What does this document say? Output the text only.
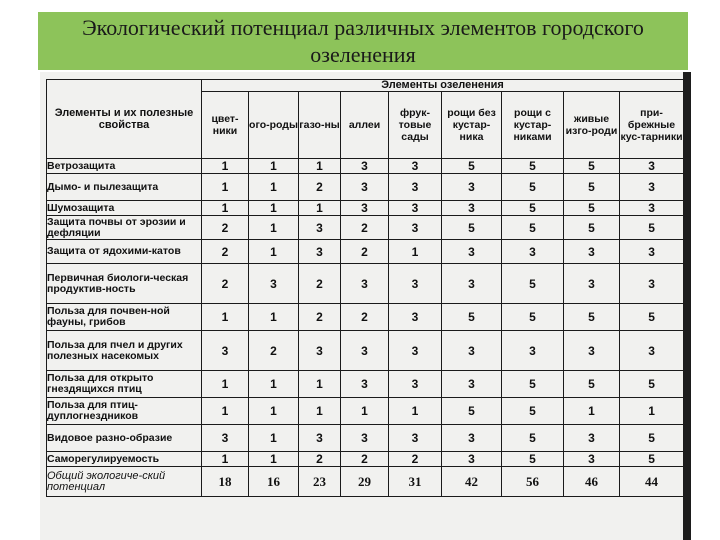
Экологический потенциал различных элементов городского озеленения
Элементы и их полезные свойства	Элементы озеленения								
	цвет-ники	ого-роды	газо-ны	аллеи	фрук-товые сады	рощи без кустар-ника	рощи с кустар-никами	живые изго-роди	при-брежные кус-тарники
Ветрозащита	1	1	1	3	3	5	5	5	3
Дымо- и пылезащита	1	1	2	3	3	3	5	5	3
Шумозащита	1	1	1	3	3	3	5	5	3
Защита почвы от эрозии и дефляции	2	1	3	2	3	5	5	5	5
Защита от ядохими-катов	2	1	3	2	1	3	3	3	3
Первичная биологи-ческая продуктив-ность	2	3	2	3	3	3	5	3	3
Польза для почвен-ной фауны, грибов	1	1	2	2	3	5	5	5	5
Польза для пчел и других полезных насекомых	3	2	3	3	3	3	3	3	3
Польза для открыто гнездящихся птиц	1	1	1	3	3	3	5	5	5
Польза для птиц-дуплогнездников	1	1	1	1	1	5	5	1	1
Видовое разно-образие	3	1	3	3	3	3	5	3	5
Саморегулируемость	1	1	2	2	2	3	5	3	5
Общий экологиче-ский потенциал	18	16	23	29	31	42	56	46	44
